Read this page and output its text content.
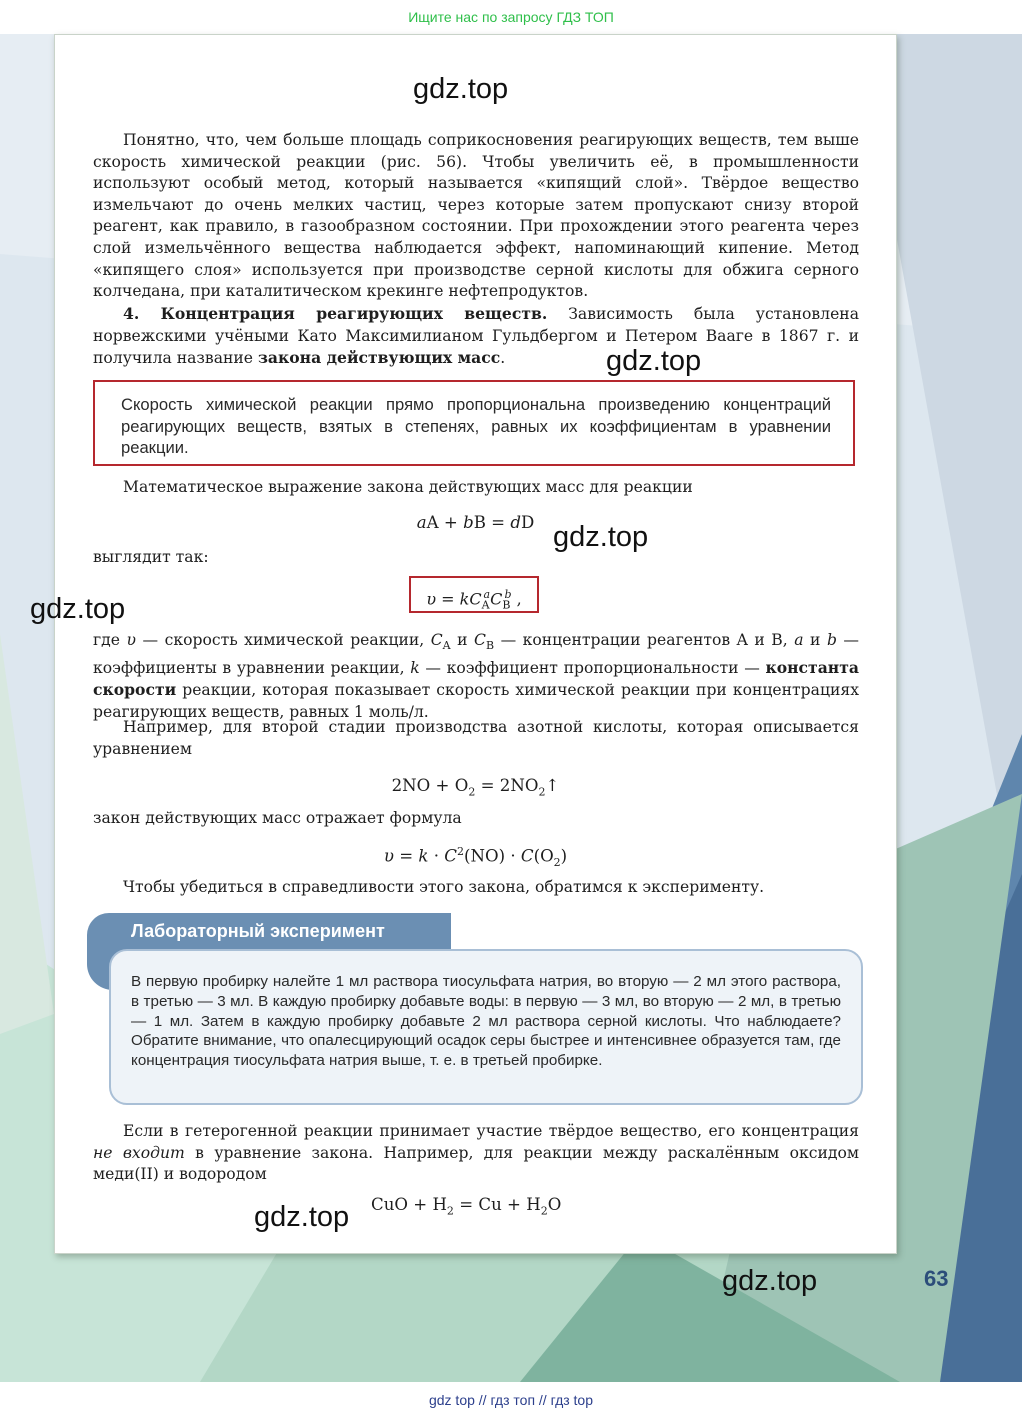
Ищите нас по запросу ГДЗ ТОП

Понятно, что, чем больше площадь соприкосновения реагирующих веществ, тем выше скорость химической реакции (рис. 56). Чтобы увеличить её, в промышленности используют особый метод, который называется «кипящий слой». Твёрдое вещество измельчают до очень мелких частиц, через которые затем пропускают снизу второй реагент, как правило, в газообразном состоянии. При прохождении этого реагента через слой измельчённого вещества наблюдается эффект, напоминающий кипение. Метод «кипящего слоя» используется при производстве серной кислоты для обжига серного колчедана, при каталитическом крекинге нефтепродуктов.

4. Концентрация реагирующих веществ. Зависимость была установлена норвежскими учёными Като Максимилианом Гульдбергом и Петером Вааге в 1867 г. и получила название закона действующих масс.

Скорость химической реакции прямо пропорциональна произведению концентраций реагирующих веществ, взятых в степенях, равных их коэффициентам в уравнении реакции.

Математическое выражение закона действующих масс для реакции

aA + bB = dD

выглядит так:

$\upsilon = kC_A^aC_B^b$ ,

где υ — скорость химической реакции, $C_A$ и $C_B$ — концентрации реагентов A и B, a и b — коэффициенты в уравнении реакции, k — коэффициент пропорциональности — константа скорости реакции, которая показывает скорость химической реакции при концентрациях реагирующих веществ, равных 1 моль/л.

Например, для второй стадии производства азотной кислоты, которая описывается уравнением

$2NO + O_2$ = $2NO_2↑$

закон действующих масс отражает формула

$\upsilon = k \cdot C^2(NO) \cdot C(O_2)$

Чтобы убедиться в справедливости этого закона, обратимся к эксперименту.

Лабораторный эксперимент

В первую пробирку налейте 1 мл раствора тиосульфата натрия, во вторую — 2 мл этого раствора, в третью — 3 мл. В каждую пробирку добавьте воды: в первую — 3 мл, во вторую — 2 мл, в третью — 1 мл. Затем в каждую пробирку добавьте 2 мл раствора серной кислоты. Что наблюдаете? Обратите внимание, что опалесцирующий осадок серы быстрее и интенсивнее образуется там, где концентрация тиосульфата натрия выше, т. е. в третьей пробирке.

Если в гетерогенной реакции принимает участие твёрдое вещество, его концентрация не входит в уравнение закона. Например, для реакции между раскалённым оксидом меди(II) и водородом

CuO + $H_2 = Cu + H_2O$
gdz.top
gdz.top
gdz.top
gdz.top
gdz.top
gdz.top	63
gdz top // гдз топ // гдз top
